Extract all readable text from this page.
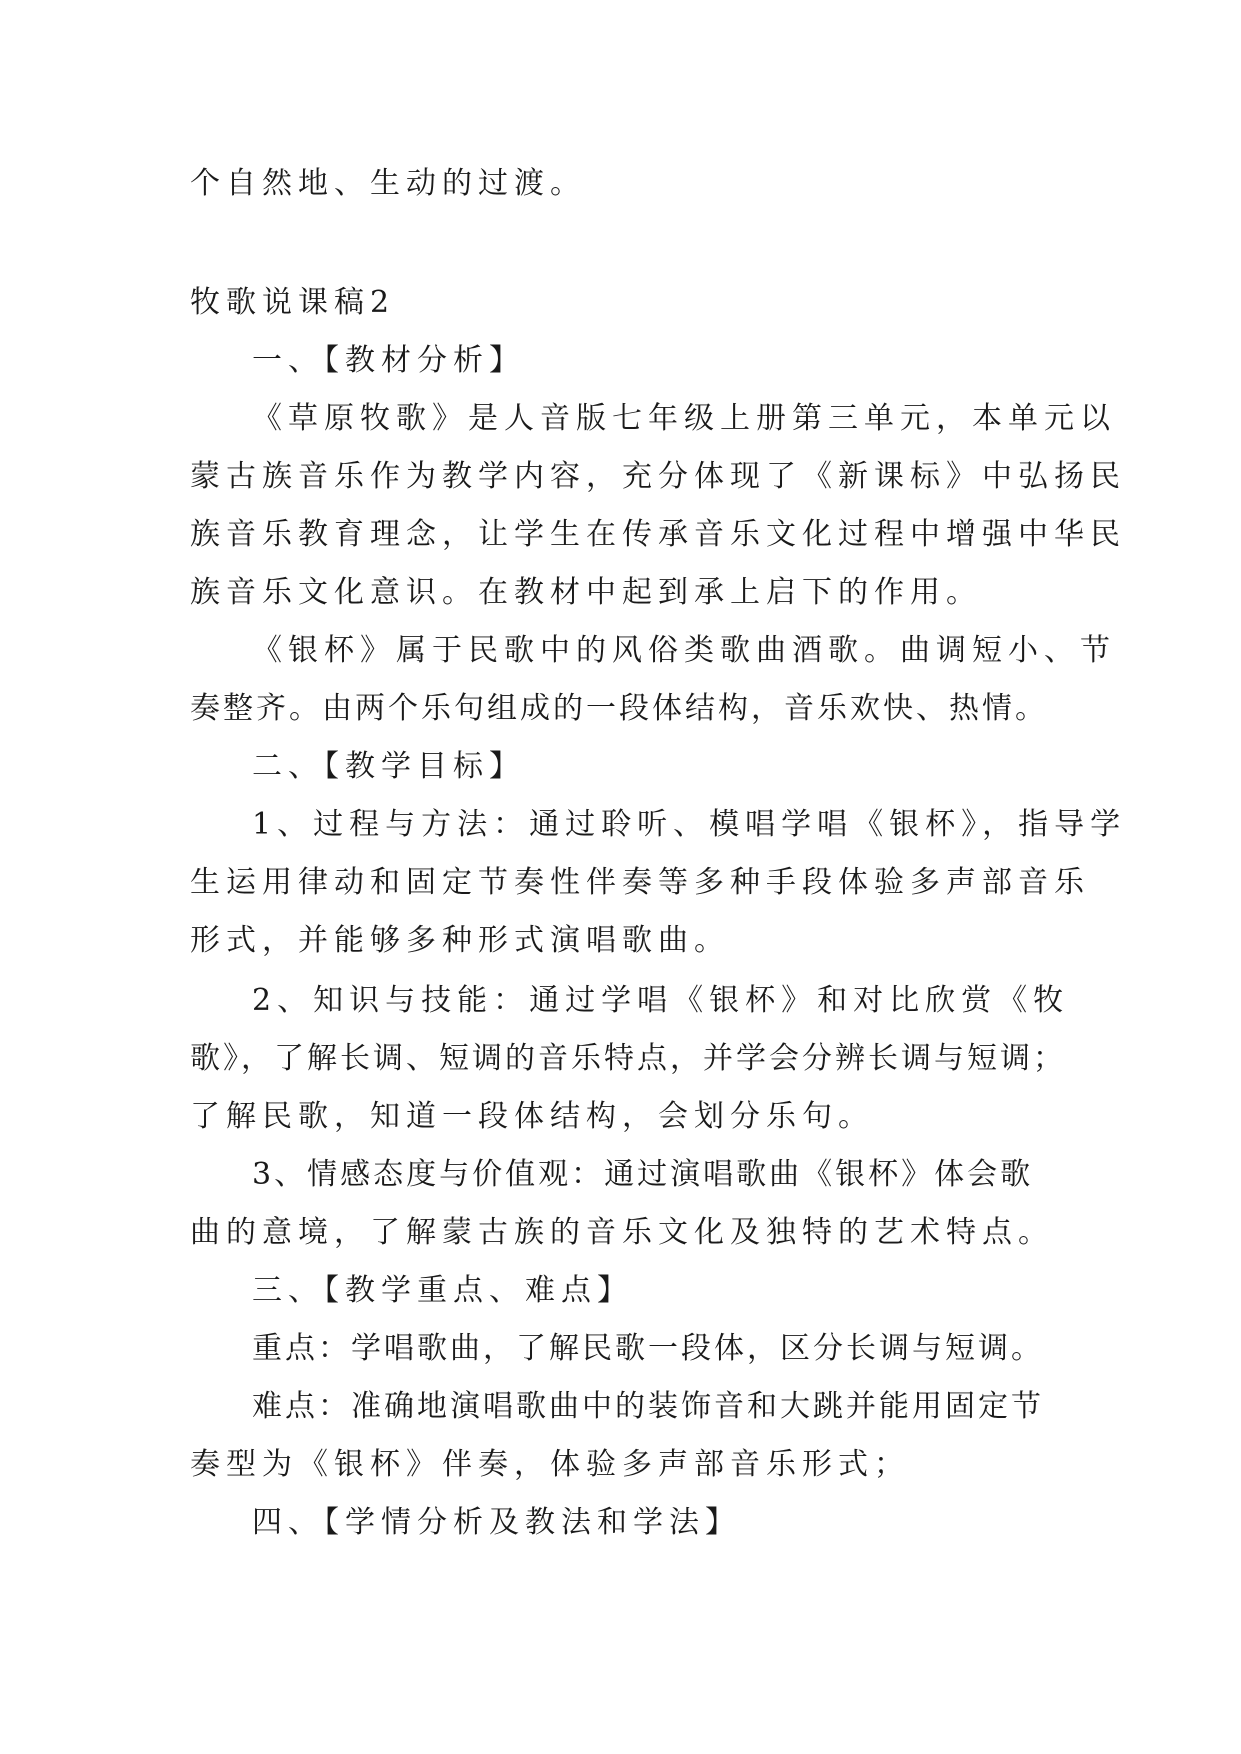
个自然地、生动的过渡。

牧歌说课稿2

一、【教材分析】

《草原牧歌》是人音版七年级上册第三单元，本单元以

蒙古族音乐作为教学内容，充分体现了《新课标》中弘扬民

族音乐教育理念，让学生在传承音乐文化过程中增强中华民

族音乐文化意识。在教材中起到承上启下的作用。

《银杯》属于民歌中的风俗类歌曲酒歌。曲调短小、节

奏整齐。由两个乐句组成的一段体结构，音乐欢快、热情。

二、【教学目标】

1、过程与方法：通过聆听、模唱学唱《银杯》，指导学

生运用律动和固定节奏性伴奏等多种手段体验多声部音乐

形式，并能够多种形式演唱歌曲。

2、知识与技能：通过学唱《银杯》和对比欣赏《牧

歌》，了解长调、短调的音乐特点，并学会分辨长调与短调；

了解民歌，知道一段体结构，会划分乐句。

3、情感态度与价值观：通过演唱歌曲《银杯》体会歌

曲的意境，了解蒙古族的音乐文化及独特的艺术特点。

三、【教学重点、难点】

重点：学唱歌曲，了解民歌一段体，区分长调与短调。

难点：准确地演唱歌曲中的装饰音和大跳并能用固定节

奏型为《银杯》伴奏，体验多声部音乐形式；

四、【学情分析及教法和学法】
